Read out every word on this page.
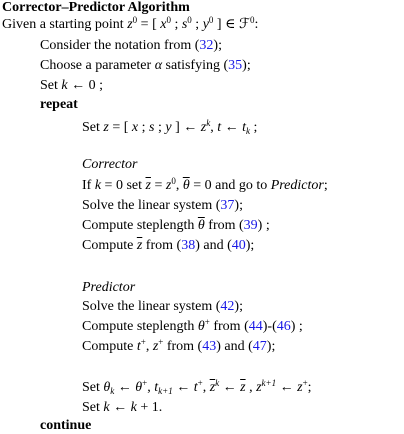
Corrector–Predictor Algorithm
Given a starting point $z^0$ = [ $x^0$ ; $s^0$ ; $y^0$ ] ∈ ℱ$^0$:
Consider the notation from (32);
Choose a parameter α satisfying (35);
Set k ← 0 ;
repeat
Set z = [ x ; s ; y ] ← $z^k$, t ← $t_k$ ;
Corrector
If k = 0 set $\overline{z} = z^0$, $\overline{\theta} = 0$ and go to Predictor;
Solve the linear system (37);
Compute steplength $\overline{\theta}$ from (39) ;
Compute $\overline{z}$ from (38) and (40);
Predictor
Solve the linear system (42);
Compute steplength θ+ from (44)-(46) ;
Compute t+, z+ from (43) and (47);
Set $\theta_k$ ← θ+, $t_{k+1}$ ← t+, $\overline{z}^k$ ← $\overline{z}$ , $z^{k+1}$ ← z+;
Set k ← k + 1.
continue
